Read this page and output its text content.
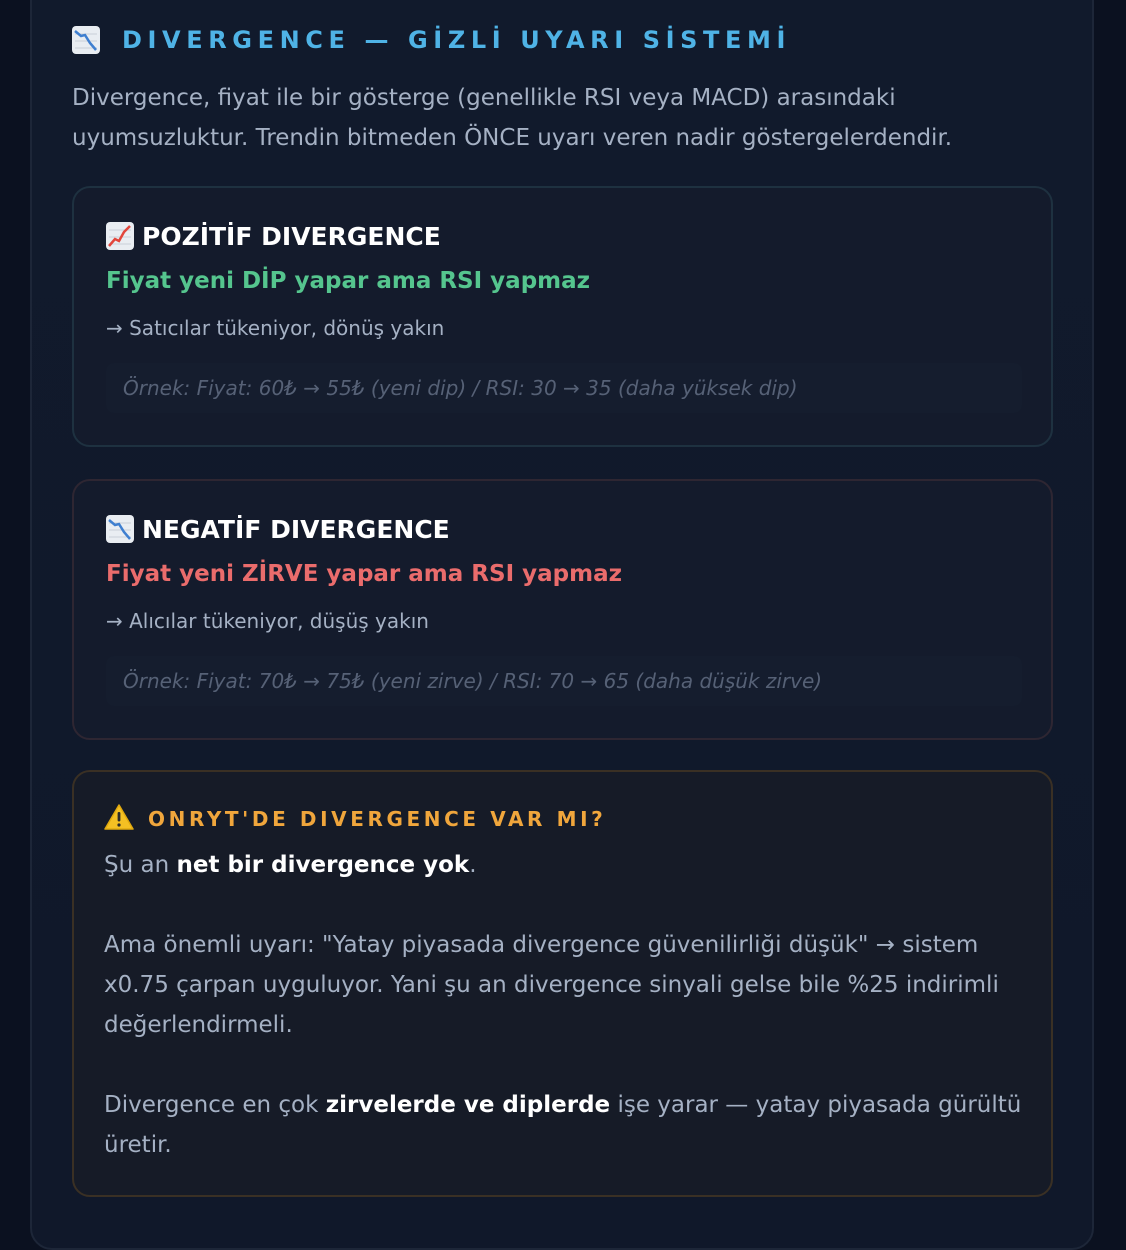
DIVERGENCE — GİZLİ UYARI SİSTEMİ

Divergence, fiyat ile bir gösterge (genellikle RSI veya MACD) arasındaki uyumsuzluktur. Trendin bitmeden ÖNCE uyarı veren nadir göstergelerdendir.

POZİTİF DIVERGENCE
Fiyat yeni DİP yapar ama RSI yapmaz
→ Satıcılar tükeniyor, dönüş yakın
Örnek: Fiyat: 60₺ → 55₺ (yeni dip) / RSI: 30 → 35 (daha yüksek dip)
NEGATİF DIVERGENCE
Fiyat yeni ZİRVE yapar ama RSI yapmaz
→ Alıcılar tükeniyor, düşüş yakın
Örnek: Fiyat: 70₺ → 75₺ (yeni zirve) / RSI: 70 → 65 (daha düşük zirve)
ONRYT'DE DIVERGENCE VAR MI?

Şu an net bir divergence yok.

Ama önemli uyarı: "Yatay piyasada divergence güvenilirliği düşük" → sistem x0.75 çarpan uyguluyor. Yani şu an divergence sinyali gelse bile %25 indirimli değerlendirmeli.

Divergence en çok zirvelerde ve diplerde işe yarar — yatay piyasada gürültü üretir.
